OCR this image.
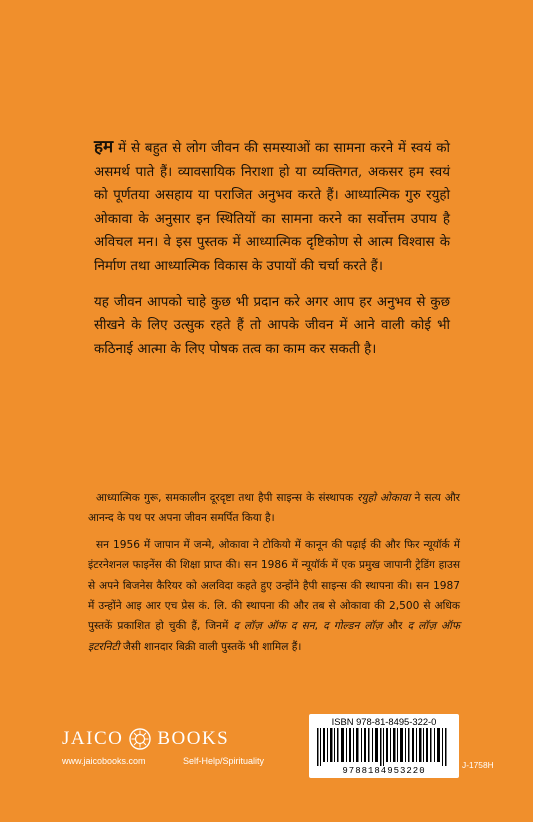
हम में से बहुत से लोग जीवन की समस्याओं का सामना करने में स्वयं को असमर्थ पाते हैं। व्यावसायिक निराशा हो या व्यक्तिगत, अकसर हम स्वयं को पूर्णतया असहाय या पराजित अनुभव करते हैं। आध्यात्मिक गुरु रयुहो ओकावा के अनुसार इन स्थितियों का सामना करने का सर्वोत्तम उपाय है अविचल मन। वे इस पुस्तक में आध्यात्मिक दृष्टिकोण से आत्म विश्वास के निर्माण तथा आध्यात्मिक विकास के उपायों की चर्चा करते हैं।

यह जीवन आपको चाहे कुछ भी प्रदान करे अगर आप हर अनुभव से कुछ सीखने के लिए उत्सुक रहते हैं तो आपके जीवन में आने वाली कोई भी कठिनाई आत्मा के लिए पोषक तत्व का काम कर सकती है।

आध्यात्मिक गुरू, समकालीन दूरदृष्टा तथा हैपी साइन्स के संस्थापक रयुहो ओकावा ने सत्य और आनन्द के पथ पर अपना जीवन समर्पित किया है।

सन 1956 में जापान में जन्मे, ओकावा ने टोकियो में कानून की पढ़ाई की और फिर न्यूयॉर्क में इंटरनेशनल फाइनेंस की शिक्षा प्राप्त की। सन 1986 में न्यूयॉर्क में एक प्रमुख जापानी ट्रेडिंग हाउस से अपने बिजनेस कैरियर को अलविदा कहते हुए उन्होंने हैपी साइन्स की स्थापना की। सन 1987 में उन्होंने आइ आर एच प्रेस कं. लि. की स्थापना की और तब से ओकावा की 2,500 से अधिक पुस्तकें प्रकाशित हो चुकी हैं, जिनमें द लॉज़ ऑफ द सन, द गोल्डन लॉज़ और द लॉज़ ऑफ इटरनिटी जैसी शानदार बिक्री वाली पुस्तकें भी शामिल हैं।

ISBN 978-81-8495-322-0
9788184953220
J-1758H
JAICO BOOKS
www.jaicobooks.com	Self-Help/Spirituality
